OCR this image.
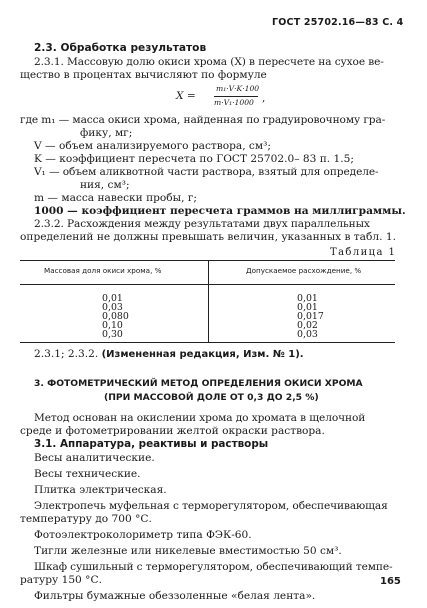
ГОСТ 25702.16—83 С. 4
2.3. Обработка результатов
2.3.1. Массовую долю окиси хрома (X) в пересчете на сухое ве-
щество в процентах вычисляют по формуле
X =
m₁·V·K·100
m·V₁·1000 ,
где m₁ — масса окиси хрома, найденная по градуировочному гра-
фику, мг;
V — объем анализируемого раствора, см³;
K — коэффициент пересчета по ГОСТ 25702.0– 83 п. 1.5;
V₁ — объем аликвотной части раствора, взятый для определе-
ния, см³;
m — масса навески пробы, г;
1000 — коэффициент пересчета граммов на миллиграммы.
2.3.2. Расхождения между результатами двух параллельных
определений не должны превышать величин, указанных в табл. 1.
Таблица 1
Массовая доля окиси хрома, %	Допускаемое расхождение, %
0,01	0,01
0,03	0,01
0,080	0,017
0,10	0,02
0,30	0,03
2.3.1; 2.3.2. (Измененная редакция, Изм. № 1).
3. ФОТОМЕТРИЧЕСКИЙ МЕТОД ОПРЕДЕЛЕНИЯ ОКИСИ ХРОМА
(ПРИ МАССОВОЙ ДОЛЕ ОТ 0,3 ДО 2,5 %)
Метод основан на окислении хрома до хромата в щелочной
среде и фотометрировании желтой окраски раствора.
3.1. Аппаратура, реактивы и растворы
Весы аналитические.
Весы технические.
Плитка электрическая.
Электропечь муфельная с терморегулятором, обеспечивающая
температуру до 700 °С.
Фотоэлектроколориметр типа ФЭК-60.
Тигли железные или никелевые вместимостью 50 см³.
Шкаф сушильный с терморегулятором, обеспечивающий темпе-
ратуру 150 °С.
Фильтры бумажные обеззоленные «белая лента».
165
